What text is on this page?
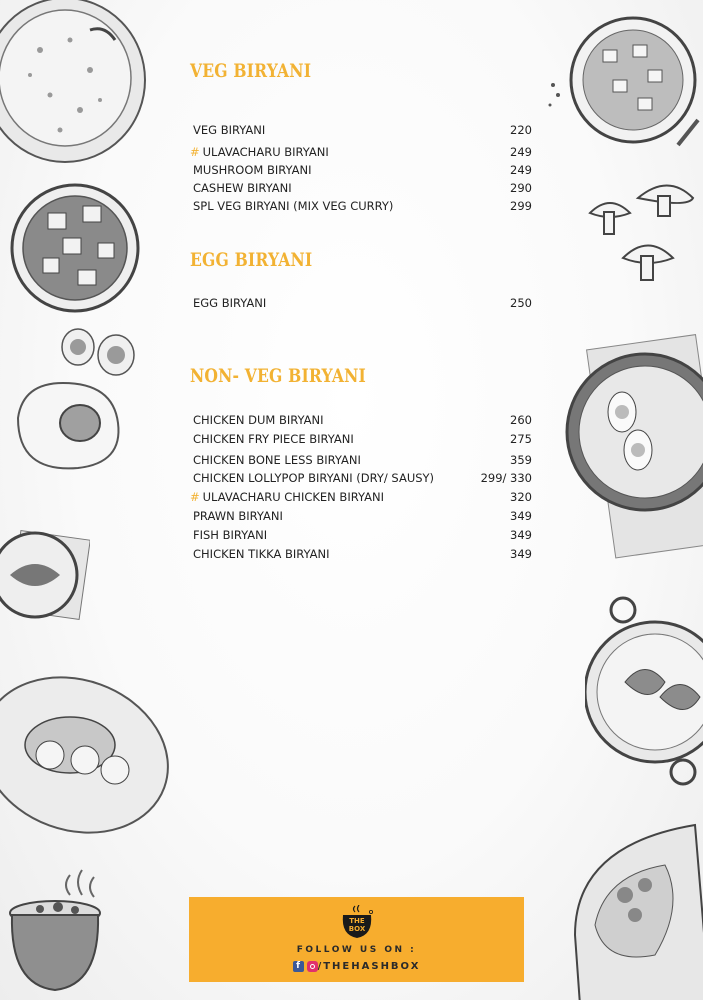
VEG BIRYANI
EGG BIRYANI
NON- VEG BIRYANI
VEG BIRYANI	220
# ULAVACHARU BIRYANI	249
MUSHROOM BIRYANI	249
CASHEW BIRYANI	290
SPL VEG BIRYANI (MIX VEG CURRY)	299
EGG BIRYANI	250
CHICKEN DUM BIRYANI	260
CHICKEN FRY PIECE BIRYANI	275
CHICKEN BONE LESS BIRYANI	359
CHICKEN LOLLYPOP BIRYANI (DRY/ SAUSY)	299/ 330
# ULAVACHARU CHICKEN BIRYANI	320
PRAWN BIRYANI	349
FISH BIRYANI	349
CHICKEN TIKKA BIRYANI	349
THE
BOX
FOLLOW US ON :
f /THEHASHBOX
